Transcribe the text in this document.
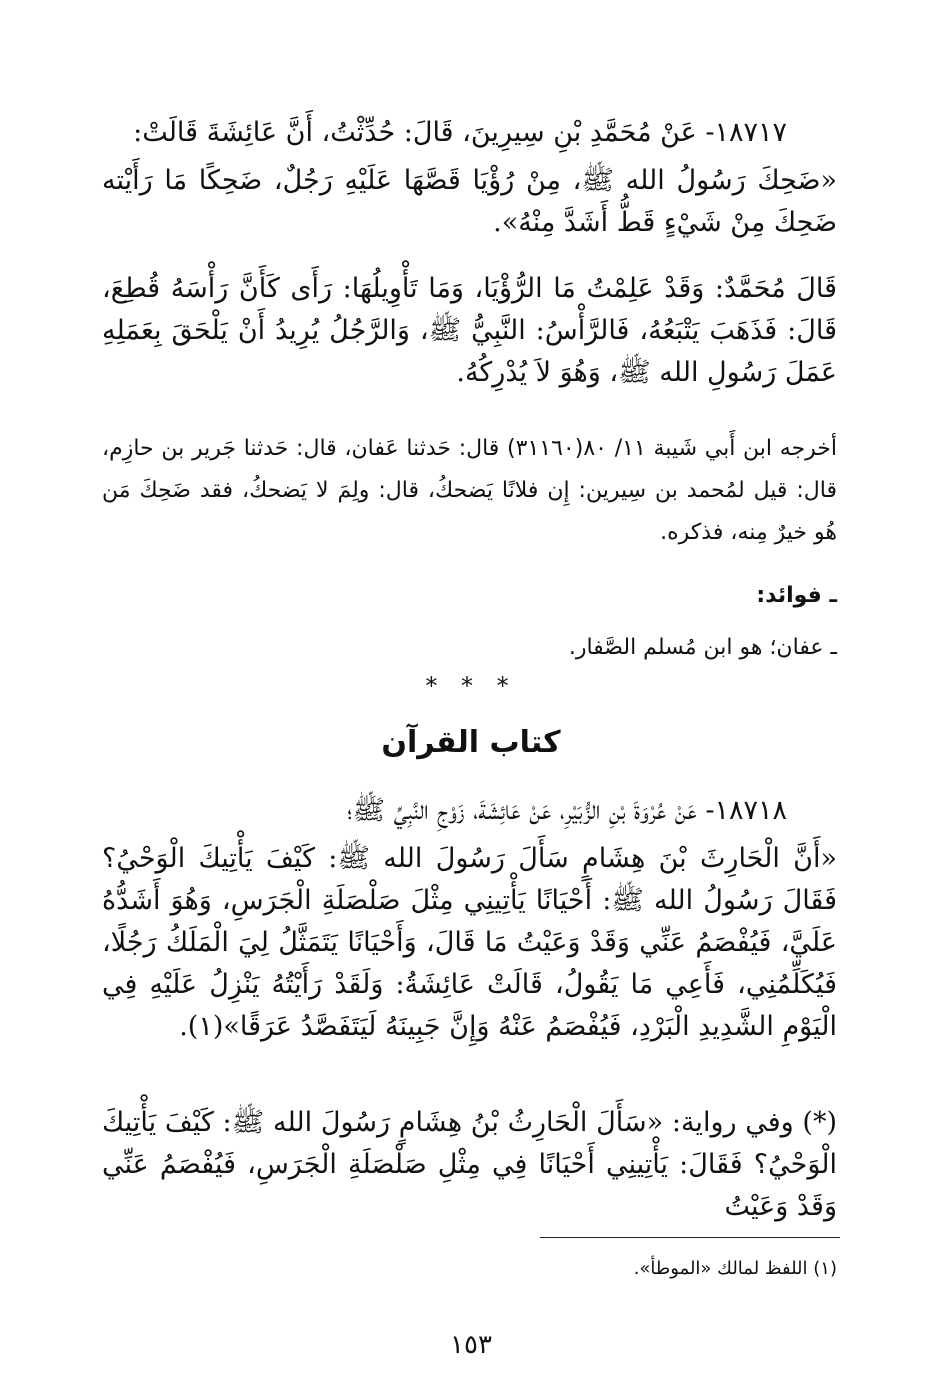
١٨٧١٧- عَنْ مُحَمَّدِ بْنِ سِيرِينَ، قَالَ: حُدِّثْتُ، أَنَّ عَائِشَةَ قَالَتْ:
«ضَحِكَ رَسُولُ الله ﷺ، مِنْ رُؤْيَا قَصَّهَا عَلَيْهِ رَجُلٌ، ضَحِكًا مَا رَأَيْته ضَحِكَ مِنْ شَيْءٍ قَطُّ أَشَدَّ مِنْهُ».
قَالَ مُحَمَّدٌ: وَقَدْ عَلِمْتُ مَا الرُّؤْيَا، وَمَا تَأْوِيلُهَا: رَأَى كَأَنَّ رَأْسَهُ قُطِعَ، قَالَ: فَذَهَبَ يَتْبَعُهُ، فَالرَّأْسُ: النَّبِيُّ ﷺ، وَالرَّجُلُ يُرِيدُ أَنْ يَلْحَقَ بِعَمَلِهِ عَمَلَ رَسُولِ الله ﷺ، وَهُوَ لاَ يُدْرِكُهُ.
أخرجه ابن أَبي شَيبة ١١/ ٨٠(٣١١٦٠) قال: حَدثنا عَفان، قال: حَدثنا جَرير بن حازِم، قال: قيل لمُحمد بن سِيرين: إِن فلانًا يَضحكُ، قال: ولِمَ لا يَضحكُ، فقد ضَحِكَ مَن هُو خيرٌ مِنه، فذكره.
ـ فوائد:
ـ عفان؛ هو ابن مُسلم الصَّفار.
* * *
كتاب القرآن
١٨٧١٨- عَنْ عُرْوَةَ بْنِ الزُّبَيْرِ، عَنْ عَائِشَةَ، زَوْجِ النَّبِيِّ ﷺ؛
«أَنَّ الْحَارِثَ بْنَ هِشَامٍ سَأَلَ رَسُولَ الله ﷺ: كَيْفَ يَأْتِيكَ الْوَحْيُ؟ فَقَالَ رَسُولُ الله ﷺ: أَحْيَانًا يَأْتِينِي مِثْلَ صَلْصَلَةِ الْجَرَسِ، وَهُوَ أَشَدُّهُ عَلَيَّ، فَيُفْصَمُ عَنِّي وَقَدْ وَعَيْتُ مَا قَالَ، وَأَحْيَانًا يَتَمَثَّلُ لِيَ الْمَلَكُ رَجُلًا، فَيُكَلِّمُنِي، فَأَعِي مَا يَقُولُ، قَالَتْ عَائِشَةُ: وَلَقَدْ رَأَيْتُهُ يَنْزِلُ عَلَيْهِ فِي الْيَوْمِ الشَّدِيدِ الْبَرْدِ، فَيُفْصَمُ عَنْهُ وَإِنَّ جَبِينَهُ لَيَتَفَصَّدُ عَرَقًا»(١).
(*) وفي رواية: «سَأَلَ الْحَارِثُ بْنُ هِشَامٍ رَسُولَ الله ﷺ: كَيْفَ يَأْتِيكَ الْوَحْيُ؟ فَقَالَ: يَأْتِينِي أَحْيَانًا فِي مِثْلِ صَلْصَلَةِ الْجَرَسِ، فَيُفْصَمُ عَنِّي وَقَدْ وَعَيْتُ
(١) اللفظ لمالك «الموطأ».
١٥٣
